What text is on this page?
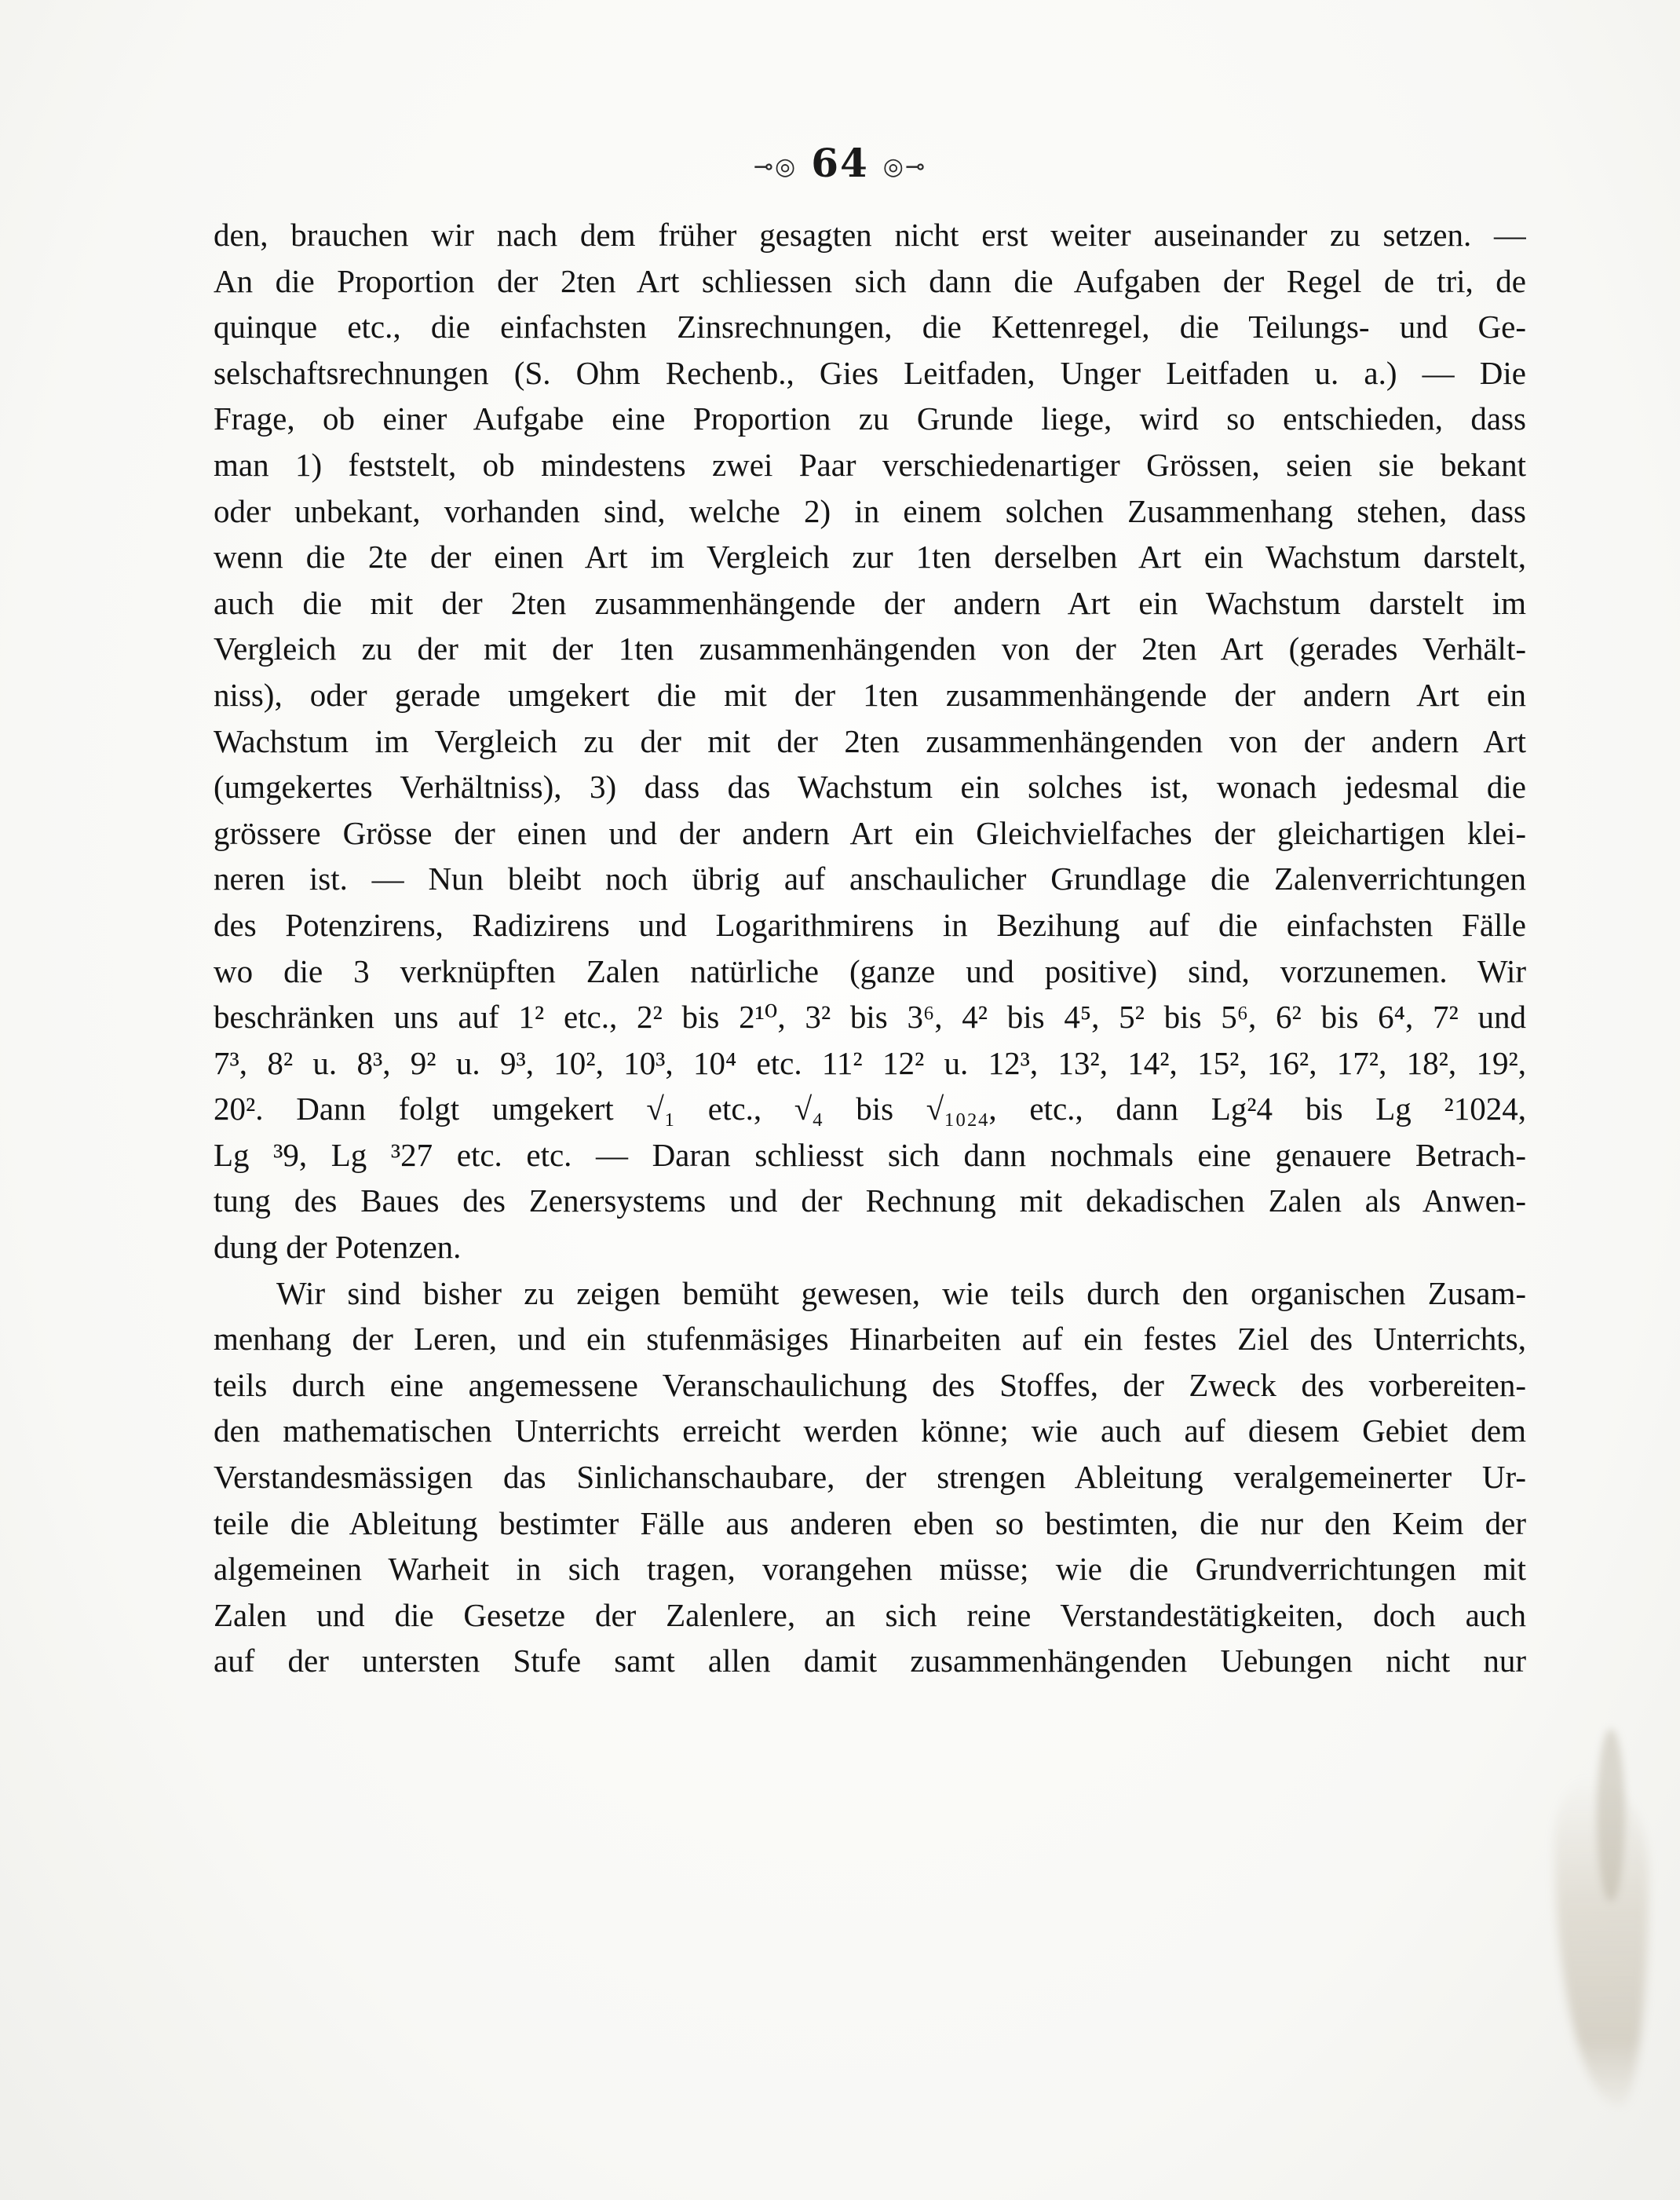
⊸◎ 64 ◎⊸
den, brauchen wir nach dem früher gesagten nicht erst weiter auseinander zu setzen. —
An die Proportion der 2ten Art schliessen sich dann die Aufgaben der Regel de tri, de
quinque etc., die einfachsten Zinsrechnungen, die Kettenregel, die Teilungs- und Ge-
selschaftsrechnungen (S. Ohm Rechenb., Gies Leitfaden, Unger Leitfaden u. a.) — Die
Frage, ob einer Aufgabe eine Proportion zu Grunde liege, wird so entschieden, dass
man 1) feststelt, ob mindestens zwei Paar verschiedenartiger Grössen, seien sie bekant
oder unbekant, vorhanden sind, welche 2) in einem solchen Zusammenhang stehen, dass
wenn die 2te der einen Art im Vergleich zur 1ten derselben Art ein Wachstum darstelt,
auch die mit der 2ten zusammenhängende der andern Art ein Wachstum darstelt im
Vergleich zu der mit der 1ten zusammenhängenden von der 2ten Art (gerades Verhält-
niss), oder gerade umgekert die mit der 1ten zusammenhängende der andern Art ein
Wachstum im Vergleich zu der mit der 2ten zusammenhängenden von der andern Art
(umgekertes Verhältniss), 3) dass das Wachstum ein solches ist, wonach jedesmal die
grössere Grösse der einen und der andern Art ein Gleichvielfaches der gleichartigen klei-
neren ist. — Nun bleibt noch übrig auf anschaulicher Grundlage die Zalenverrichtungen
des Potenzirens, Radizirens und Logarithmirens in Bezihung auf die einfachsten Fälle
wo die 3 verknüpften Zalen natürliche (ganze und positive) sind, vorzunemen. Wir
beschränken uns auf 1² etc., 2² bis 2¹⁰, 3² bis 3⁶, 4² bis 4⁵, 5² bis 5⁶, 6² bis 6⁴, 7² und
7³, 8² u. 8³, 9² u. 9³, 10², 10³, 10⁴ etc. 11² 12² u. 12³, 13², 14², 15², 16², 17², 18², 19²,
20². Dann folgt umgekert √₁ etc., √₄ bis √₁₀₂₄, etc., dann Lg²4 bis Lg ²1024,
Lg ³9, Lg ³27 etc. etc. — Daran schliesst sich dann nochmals eine genauere Betrach-
tung des Baues des Zenersystems und der Rechnung mit dekadischen Zalen als Anwen-
dung der Potenzen.
Wir sind bisher zu zeigen bemüht gewesen, wie teils durch den organischen Zusam-
menhang der Leren, und ein stufenmäsiges Hinarbeiten auf ein festes Ziel des Unterrichts,
teils durch eine angemessene Veranschaulichung des Stoffes, der Zweck des vorbereiten-
den mathematischen Unterrichts erreicht werden könne; wie auch auf diesem Gebiet dem
Verstandesmässigen das Sinlichanschaubare, der strengen Ableitung veralgemeinerter Ur-
teile die Ableitung bestimter Fälle aus anderen eben so bestimten, die nur den Keim der
algemeinen Warheit in sich tragen, vorangehen müsse; wie die Grundverrichtungen mit
Zalen und die Gesetze der Zalenlere, an sich reine Verstandestätigkeiten, doch auch
auf der untersten Stufe samt allen damit zusammenhängenden Uebungen nicht nur
